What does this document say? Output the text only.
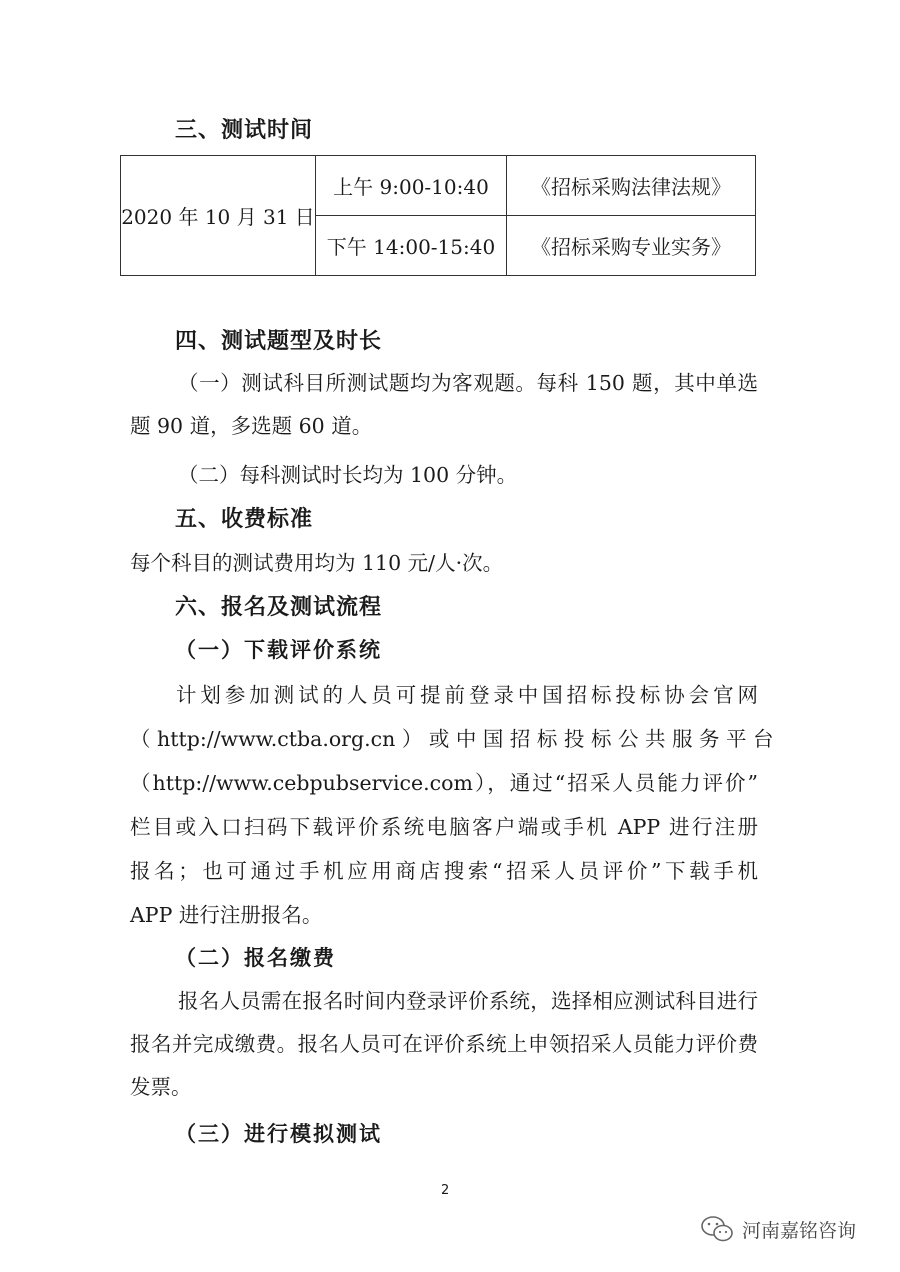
三、测试时间
2020 年 10 月 31 日	上午 9:00-10:40	《招标采购法律法规》
	下午 14:00-15:40	《招标采购专业实务》
四、测试题型及时长
（一）测试科目所测试题均为客观题。每科 150 题，其中单选题 90 道，多选题 60 道。
（二）每科测试时长均为 100 分钟。
五、收费标准
每个科目的测试费用均为 110 元/人·次。
六、报名及测试流程
（一）下载评价系统
计划参加测试的人员可提前登录中国招标投标协会官网
（ http://www.ctba.org.cn ） 或 中 国 招 标 投 标 公 共 服 务 平 台
（http://www.cebpubservice.com），通过“招采人员能力评价”
栏目或入口扫码下载评价系统电脑客户端或手机 APP 进行注册
报名；也可通过手机应用商店搜索“招采人员评价”下载手机
APP 进行注册报名。
（二）报名缴费
报名人员需在报名时间内登录评价系统，选择相应测试科目进行报名并完成缴费。报名人员可在评价系统上申领招采人员能力评价费发票。
（三）进行模拟测试
2
河南嘉铭咨询
